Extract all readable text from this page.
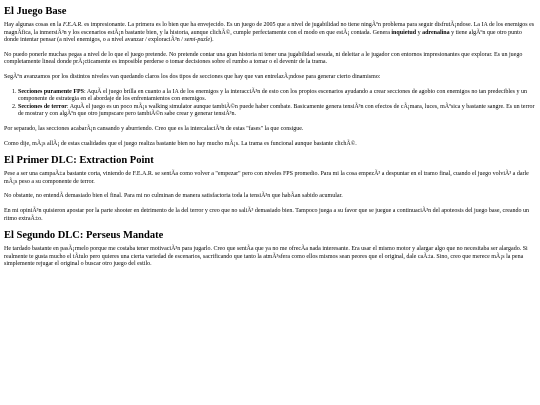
El Juego Base

Hay algunas cosas en la F.E.A.R. es impresionante. La primera es lo bien que ha envejecido. Es un juego de 2005 que a nivel de jugabilidad no tiene ningÃºn problema para seguir disfrutÃ¡ndose. La IA de los enemigos es magnÃfica, la inmersiÃ³n y los escenarios estÃ¡n bastante bien, y la historia, aunque clichÃ©, cumple perfectamente con el modo en que estÃ¡ contada. Genera inquietud y adrenalina y tiene algÃºn que otro punto donde intentar pensar (a nivel enemigos, o a nivel avanzar / exploraciÃ³n / semi-puzle).

No puedo ponerle muchas pegas a nivel de lo que el juego pretende. No pretende contar una gran historia ni tener una jugabilidad sesuda, ni deleitar a le jugador con entornos impresionantes que explorar. Es un juego completamente lineal donde prÃ¡cticamente es imposible perderse o tomar decisiones sobre el rumbo a tomar o el devenir de la trama.

SegÃºn avanzamos por los distintos niveles van quedando claros los dos tipos de secciones que hay que van entrelazÃ¡ndose para generar cierto dinamismo:

1. Secciones puramente FPS: AquÃ el juego brilla en cuanto a la IA de los enemigos y la interacciÃ³n de esto con los propios escenarios ayudando a crear secciones de agobio con enemigos no tan predecibles y un componente de estrategia en el abordaje de los enfrentamientos con enemigos.
2. Secciones de terror: AquÃ el juego es un poco mÃ¡s walking simulator aunque tambiÃ©n puede haber combate. Basicamente genera tensiÃ³n con efectos de cÃ¡mara, luces, mÃºsica y bastante sangre. Es un terror de mostrar y con algÃºn que otro jumpscare pero tambiÃ©n sabe crear y generar tensiÃ³n.

Por separado, las secciones acabarÃ¡n cansando y aburriendo. Creo que es la intercalaciÃ³n de estas "fases" la que consigue.

Como dije, mÃ¡s allÃ¡ de estas cualidades que el juego realiza bastante bien no hay mucho mÃ¡s. La trama es funcional aunque bastante clichÃ©.

El Primer DLC: Extraction Point

Pese a ser una campaÃ±a bastante corta, viniendo de F.E.A.R. se sentÃa como volver a "empezar" pero con niveles FPS promedio. Para mi la cosa empezÃ³ a despuntar en el tramo final, cuando el juego volviÃ³ a darle mÃ¡s peso a su componente de terror.

No obstante, no entendÃ demasiado bien el final. Para mi no culminan de manera satisfactoria toda la tensiÃ³n que habÃan sabido acumular.

En mi opiniÃ³n quisieron apostar por la parte shooter en detrimento de la del terror y creo que no saliÃ³ demasiado bien. Tampoco juega a su favor que se juegue a continuaciÃ³n del apoteosis del juego base, creando un ritmo extraÃ±o.

El Segundo DLC: Perseus Mandate

He tardado bastante en pasÃ¡rmelo porque me costaba tener motivaciÃ³n para jugarlo. Creo que sentÃa que ya no me ofrecÃa nada interesante. Era usar el mismo motor y alargar algo que no necesitaba ser alargado. Si realmente te gusta mucho el tÃtulo pero quieres una cierta variedad de escenarios, sacrificando que tanto la atmÃ³sfera como ellos mismos sean peores que el original, dale caÃ±a. Sino, creo que merece mÃ¡s la pena simplemente rejugar el original o buscar otro juego del estilo.
